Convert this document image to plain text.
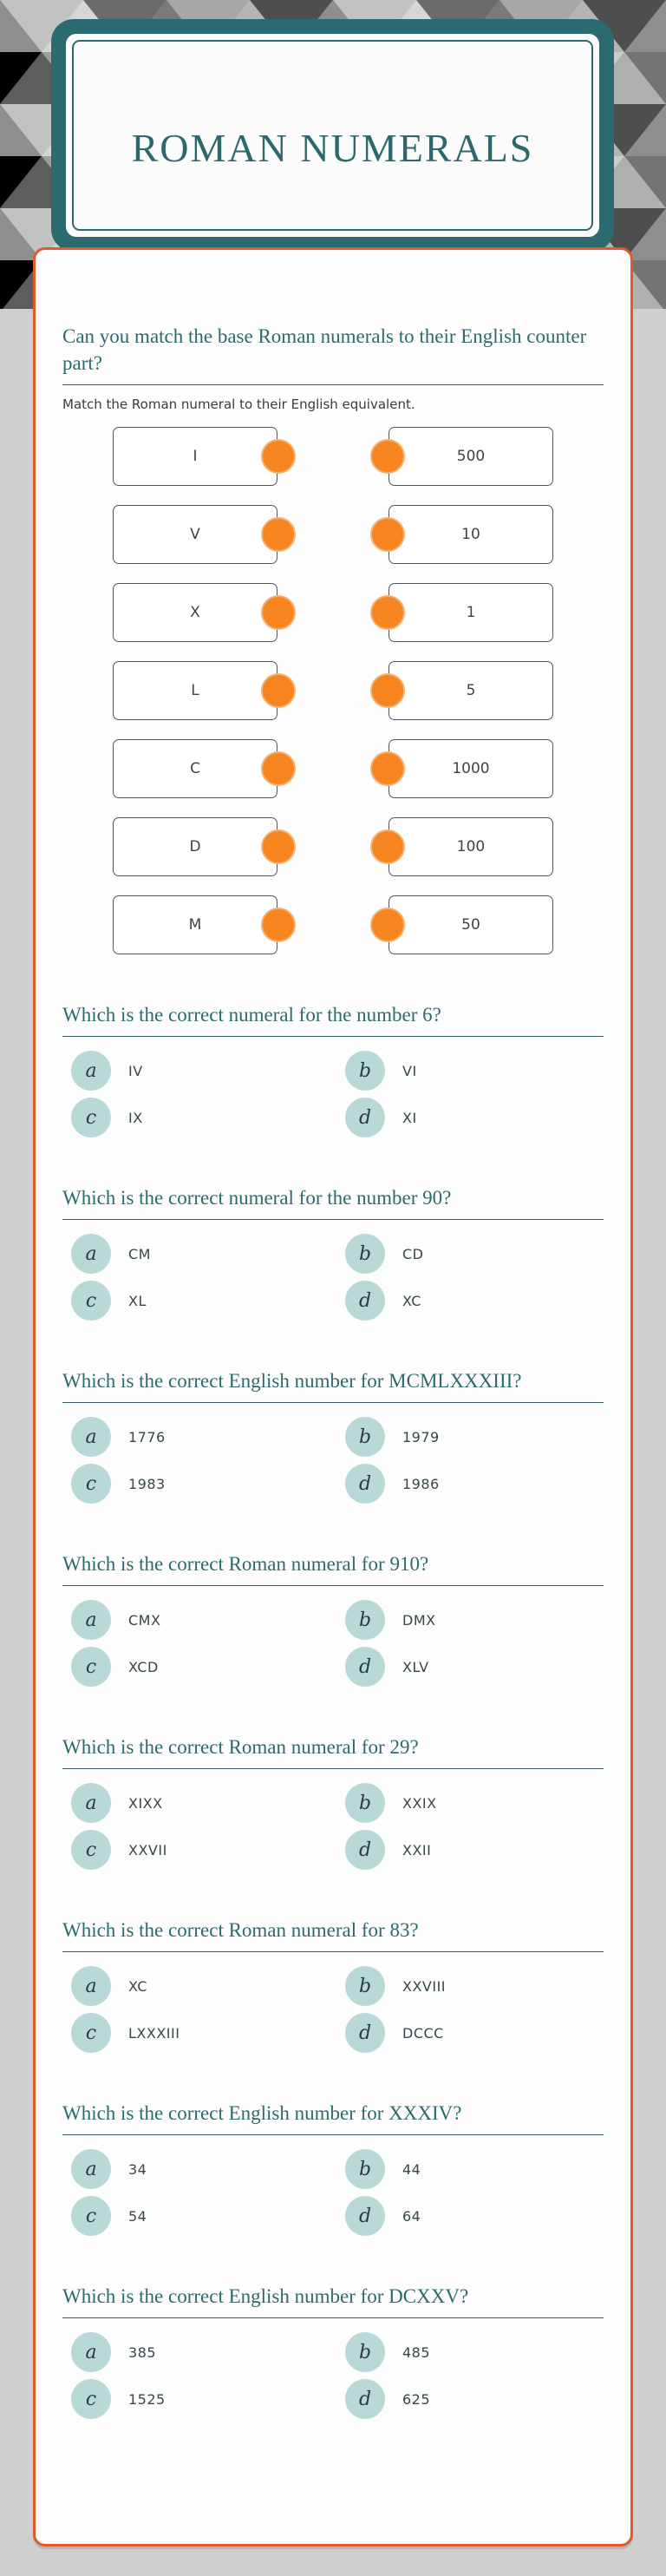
ROMAN NUMERALS
Can you match the base Roman numerals to their English counter part?

Match the Roman numeral to their English equivalent.

I	500
V	10
X	1
L	5
C	1000
D	100
M	50
Which is the correct numeral for the number 6?
a	IV	b	VI
c	IX	d	XI
Which is the correct numeral for the number 90?
a	CM	b	CD
c	XL	d	XC
Which is the correct English number for MCMLXXXIII?
a	1776	b	1979
c	1983	d	1986
Which is the correct Roman numeral for 910?
a	CMX	b	DMX
c	XCD	d	XLV
Which is the correct Roman numeral for 29?
a	XIXX	b	XXIX
c	XXVII	d	XXII
Which is the correct Roman numeral for 83?
a	XC	b	XXVIII
c	LXXXIII	d	DCCC
Which is the correct English number for XXXIV?
a	34	b	44
c	54	d	64
Which is the correct English number for DCXXV?
a	385	b	485
c	1525	d	625
